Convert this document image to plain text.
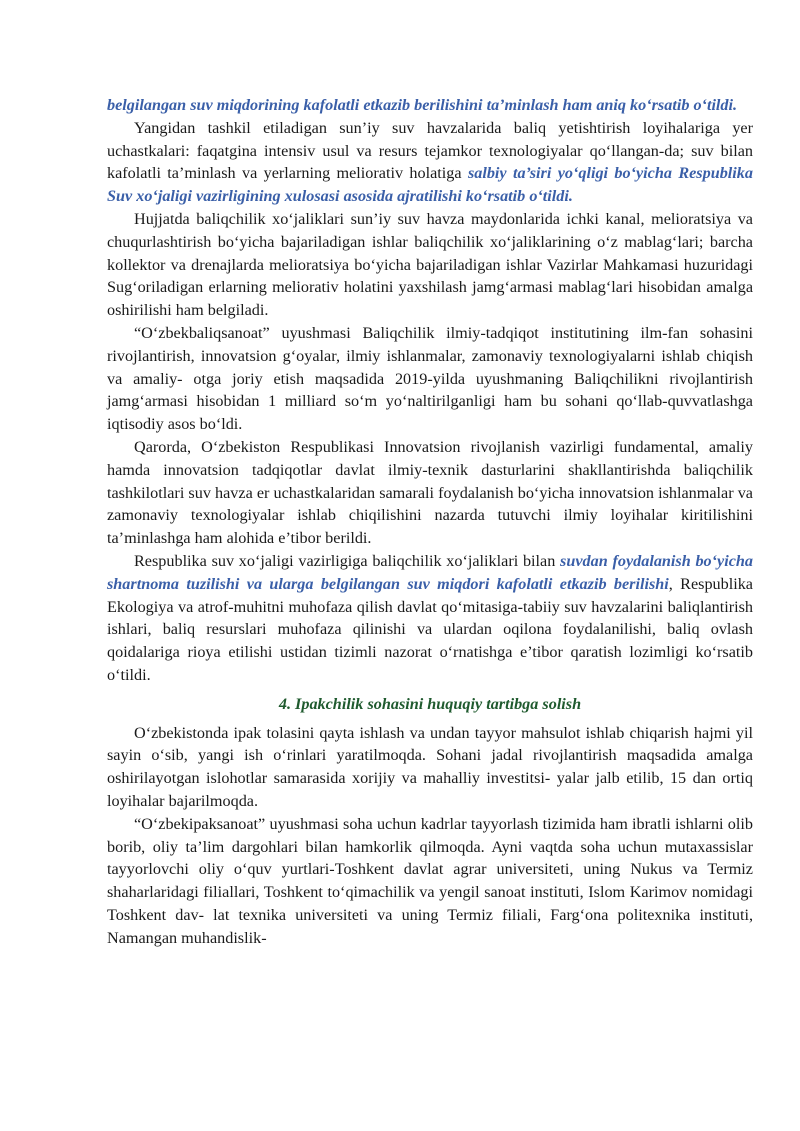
belgilangan suv miqdorining kafolatli etkazib berilishini ta’minlash ham aniq ko‘rsatib o‘tildi.

Yangidan tashkil etiladigan sun’iy suv havzalarida baliq yetishtirish loyihalariga yer uchastkalari: faqatgina intensiv usul va resurs tejamkor texnologiyalar qo‘llangan-da; suv bilan kafolatli ta’minlash va yerlarning meliorativ holatiga salbiy ta’siri yo‘qligi bo‘yicha Respublika Suv xo‘jaligi vazirligining xulosasi asosida ajratilishi ko‘rsatib o‘tildi.

Hujjatda baliqchilik xo‘jaliklari sun’iy suv havza maydonlarida ichki kanal, melioratsiya va chuqurlashtirish bo‘yicha bajariladigan ishlar baliqchilik xo‘jaliklarining o‘z mablag‘lari; barcha kollektor va drenajlarda melioratsiya bo‘yicha bajariladigan ishlar Vazirlar Mahkamasi huzuridagi Sug‘oriladigan erlarning meliorativ holatini yaxshilash jamg‘armasi mablag‘lari hisobidan amalga oshirilishi ham belgiladi.

“O‘zbekbaliqsanoat” uyushmasi Baliqchilik ilmiy-tadqiqot institutining ilm-fan sohasini rivojlantirish, innovatsion g‘oyalar, ilmiy ishlanmalar, zamonaviy texnologiyalarni ishlab chiqish va amaliy- otga joriy etish maqsadida 2019-yilda uyushmaning Baliqchilikni rivojlantirish jamg‘armasi hisobidan 1 milliard so‘m yo‘naltirilganligi ham bu sohani qo‘llab-quvvatlashga iqtisodiy asos bo‘ldi.

Qarorda, O‘zbekiston Respublikasi Innovatsion rivojlanish vazirligi fundamental, amaliy hamda innovatsion tadqiqotlar davlat ilmiy-texnik dasturlarini shakllantirishda baliqchilik tashkilotlari suv havza er uchastkalaridan samarali foydalanish bo‘yicha innovatsion ishlanmalar va zamonaviy texnologiyalar ishlab chiqilishini nazarda tutuvchi ilmiy loyihalar kiritilishini ta’minlashga ham alohida e’tibor berildi.

Respublika suv xo‘jaligi vazirligiga baliqchilik xo‘jaliklari bilan suvdan foydalanish bo‘yicha shartnoma tuzilishi va ularga belgilangan suv miqdori kafolatli etkazib berilishi, Respublika Ekologiya va atrof-muhitni muhofaza qilish davlat qo‘mitasiga-tabiiy suv havzalarini baliqlantirish ishlari, baliq resurslari muhofaza qilinishi va ulardan oqilona foydalanilishi, baliq ovlash qoidalariga rioya etilishi ustidan tizimli nazorat o‘rnatishga e’tibor qaratish lozimligi ko‘rsatib o‘tildi.

4. Ipakchilik sohasini huquqiy tartibga solish

O‘zbekistonda ipak tolasini qayta ishlash va undan tayyor mahsulot ishlab chiqarish hajmi yil sayin o‘sib, yangi ish o‘rinlari yaratilmoqda. Sohani jadal rivojlantirish maqsadida amalga oshirilayotgan islohotlar samarasida xorijiy va mahalliy investitsi- yalar jalb etilib, 15 dan ortiq loyihalar bajarilmoqda.

“O‘zbekipaksanoat” uyushmasi soha uchun kadrlar tayyorlash tizimida ham ibratli ishlarni olib borib, oliy ta’lim dargohlari bilan hamkorlik qilmoqda. Ayni vaqtda soha uchun mutaxassislar tayyorlovchi oliy o‘quv yurtlari-Toshkent davlat agrar universiteti, uning Nukus va Termiz shaharlaridagi filiallari, Toshkent to‘qimachilik va yengil sanoat instituti, Islom Karimov nomidagi Toshkent dav- lat texnika universiteti va uning Termiz filiali, Farg‘ona politexnika instituti, Namangan muhandislik-
